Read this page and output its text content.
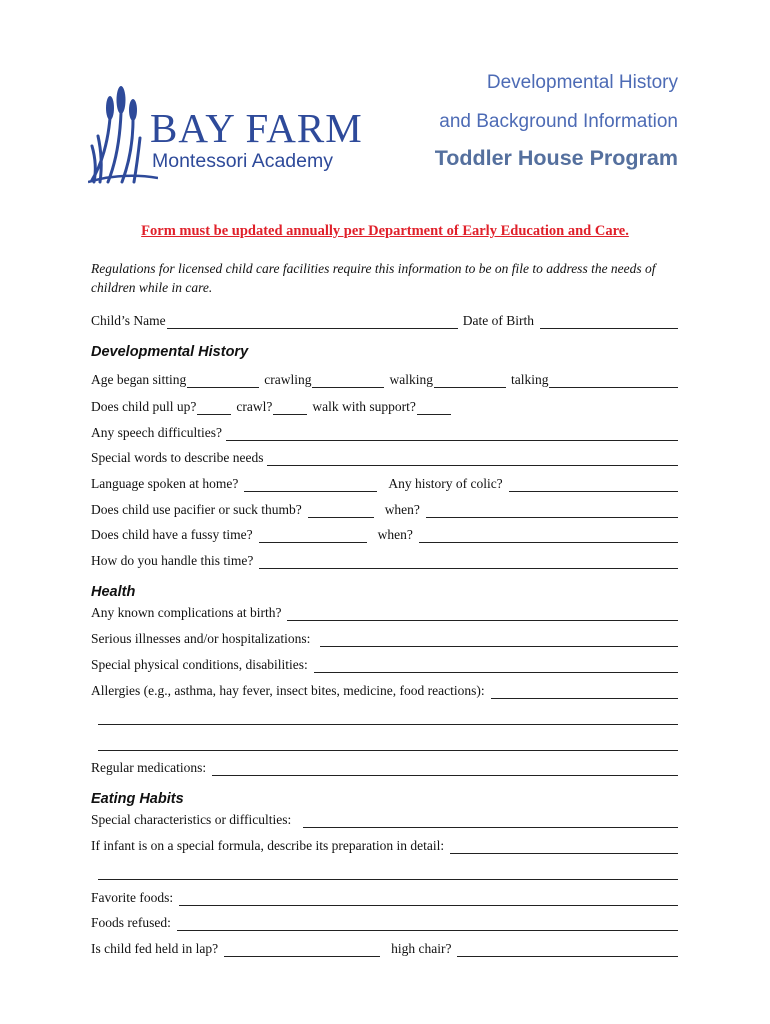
BAY FARM
Montessori Academy
Developmental History
and Background Information
Toddler House Program
Form must be updated annually per Department of Early Education and Care.
Regulations for licensed child care facilities require this information to be on file to address the needs of children while in care.
Child’s Name	Date of Birth
Developmental History
Age began sitting	crawling	walking	talking
Does child pull up?	crawl?	walk with support?
Any speech difficulties?
Special words to describe needs
Language spoken at home?	Any history of colic?
Does child use pacifier or suck thumb?	when?
Does child have a fussy time?	when?
How do you handle this time?
Health
Any known complications at birth?
Serious illnesses and/or hospitalizations:
Special physical conditions, disabilities:
Allergies (e.g., asthma, hay fever, insect bites, medicine, food reactions):
Regular medications:
Eating Habits
Special characteristics or difficulties:
If infant is on a special formula, describe its preparation in detail:
Favorite foods:
Foods refused:
Is child fed held in lap?	high chair?
